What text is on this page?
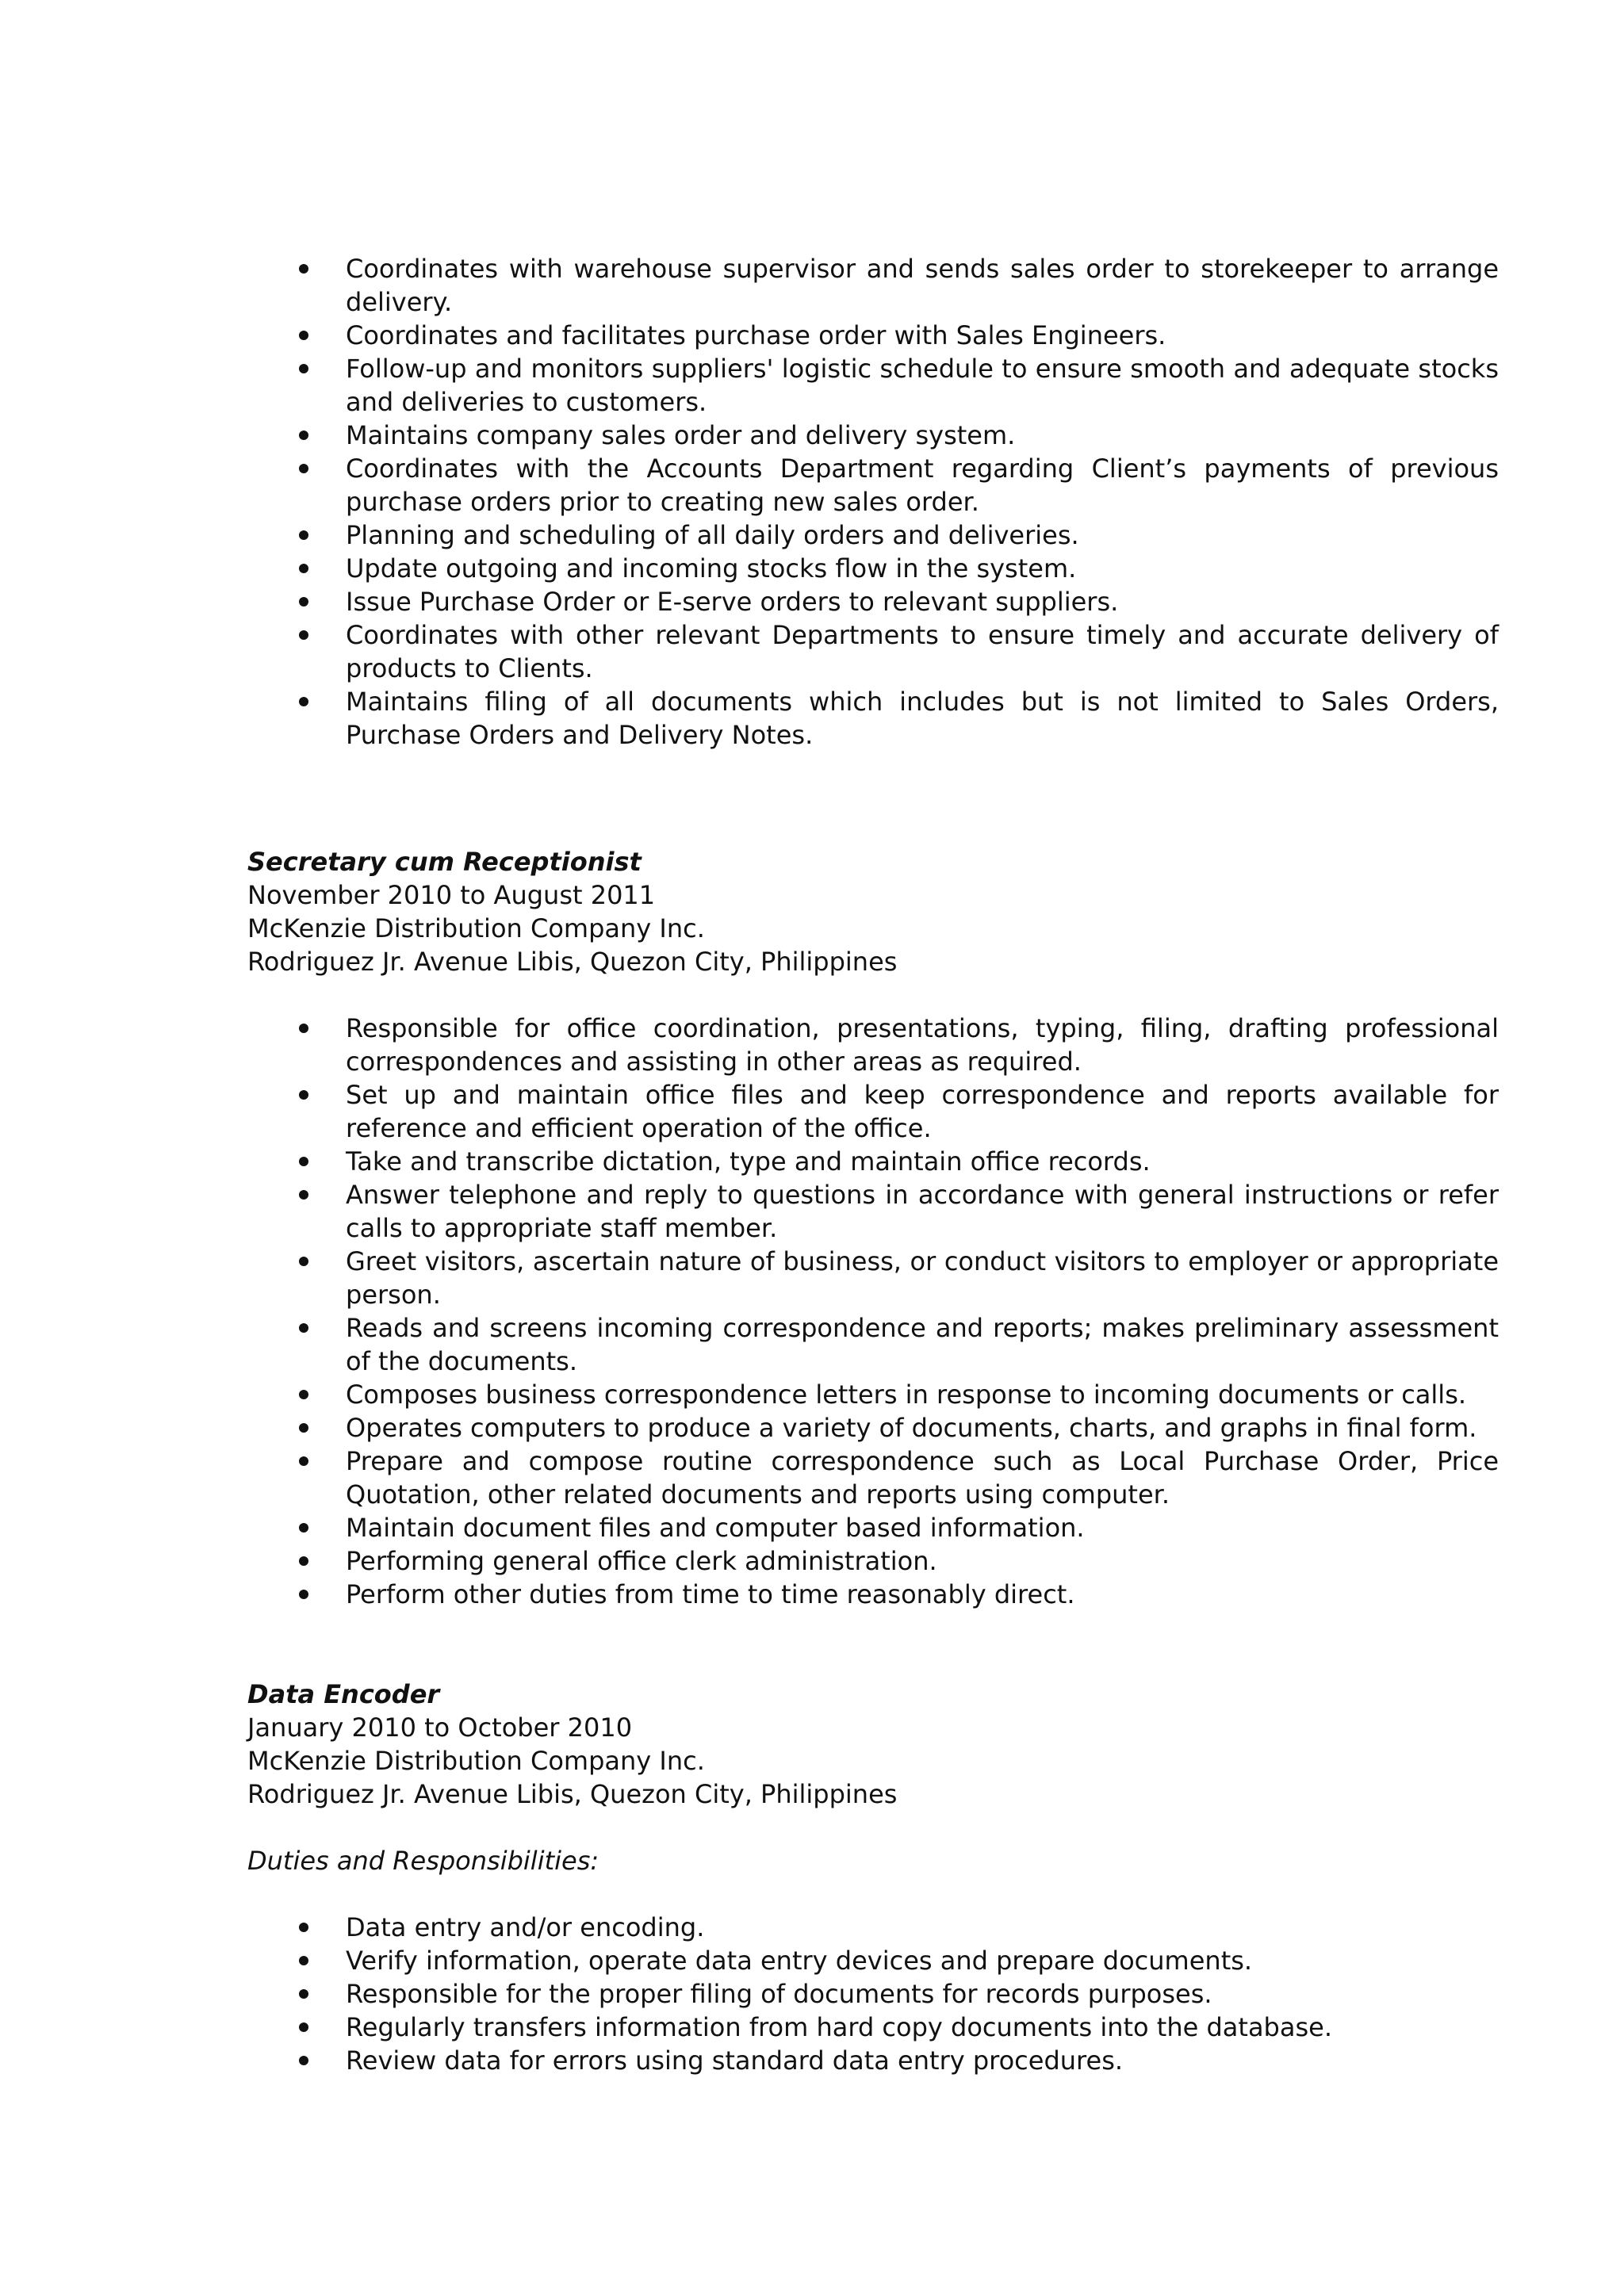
Coordinates with warehouse supervisor and sends sales order to storekeeper to arrange delivery.
Coordinates and facilitates purchase order with Sales Engineers.
Follow-up and monitors suppliers' logistic schedule to ensure smooth and adequate stocks and deliveries to customers.
Maintains company sales order and delivery system.
Coordinates with the Accounts Department regarding Client’s payments of previous purchase orders prior to creating new sales order.
Planning and scheduling of all daily orders and deliveries.
Update outgoing and incoming stocks flow in the system.
Issue Purchase Order or E-serve orders to relevant suppliers.
Coordinates with other relevant Departments to ensure timely and accurate delivery of products to Clients.
Maintains filing of all documents which includes but is not limited to Sales Orders, Purchase Orders and Delivery Notes.
Secretary cum Receptionist
November 2010 to August 2011
McKenzie Distribution Company Inc.
Rodriguez Jr. Avenue Libis, Quezon City, Philippines
Responsible for office coordination, presentations, typing, filing, drafting professional correspondences and assisting in other areas as required.
Set up and maintain office files and keep correspondence and reports available for reference and efficient operation of the office.
Take and transcribe dictation, type and maintain office records.
Answer telephone and reply to questions in accordance with general instructions or refer calls to appropriate staff member.
Greet visitors, ascertain nature of business, or conduct visitors to employer or appropriate person.
Reads and screens incoming correspondence and reports; makes preliminary assessment of the documents.
Composes business correspondence letters in response to incoming documents or calls.
Operates computers to produce a variety of documents, charts, and graphs in final form.
Prepare and compose routine correspondence such as Local Purchase Order, Price Quotation, other related documents and reports using computer.
Maintain document files and computer based information.
Performing general office clerk administration.
Perform other duties from time to time reasonably direct.
Data Encoder
January 2010 to October 2010
McKenzie Distribution Company Inc.
Rodriguez Jr. Avenue Libis, Quezon City, Philippines
Duties and Responsibilities:
Data entry and/or encoding.
Verify information, operate data entry devices and prepare documents.
Responsible for the proper filing of documents for records purposes.
Regularly transfers information from hard copy documents into the database.
Review data for errors using standard data entry procedures.
